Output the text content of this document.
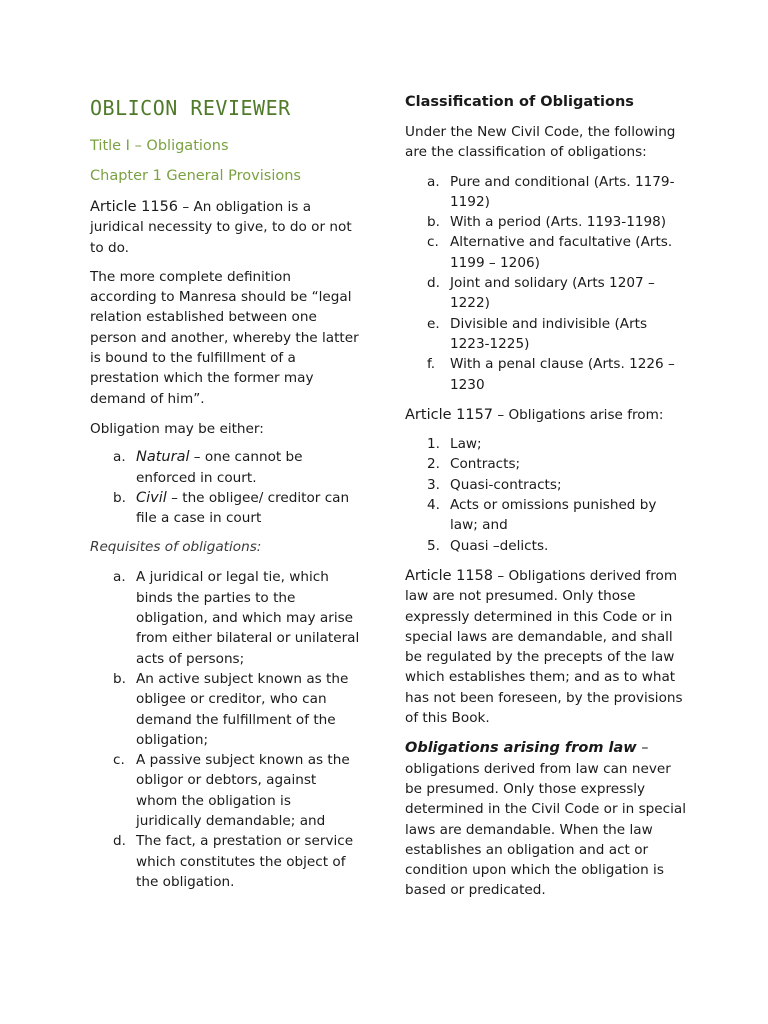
OBLICON REVIEWER

Title I – Obligations

Chapter 1 General Provisions

Article 1156 – An obligation is a juridical necessity to give, to do or not to do.

The more complete definition according to Manresa should be “legal relation established between one person and another, whereby the latter is bound to the fulfillment of a prestation which the former may demand of him”.

Obligation may be either:

a. Natural – one cannot be enforced in court.
b. Civil – the obligee/ creditor can file a case in court

Requisites of obligations:

a. A juridical or legal tie, which binds the parties to the obligation, and which may arise from either bilateral or unilateral acts of persons;
b. An active subject known as the obligee or creditor, who can demand the fulfillment of the obligation;
c. A passive subject known as the obligor or debtors, against whom the obligation is juridically demandable; and
d. The fact, a prestation or service which constitutes the object of the obligation.

Classification of Obligations

Under the New Civil Code, the following are the classification of obligations:

a. Pure and conditional (Arts. 1179-1192)
b. With a period (Arts. 1193-1198)
c. Alternative and facultative (Arts. 1199 – 1206)
d. Joint and solidary (Arts 1207 – 1222)
e. Divisible and indivisible (Arts 1223-1225)
f. With a penal clause (Arts. 1226 – 1230

Article 1157 – Obligations arise from:

1. Law;
2. Contracts;
3. Quasi-contracts;
4. Acts or omissions punished by law; and
5. Quasi –delicts.

Article 1158 – Obligations derived from law are not presumed. Only those expressly determined in this Code or in special laws are demandable, and shall be regulated by the precepts of the law which establishes them; and as to what has not been foreseen, by the provisions of this Book.

Obligations arising from law –
obligations derived from law can never be presumed. Only those expressly determined in the Civil Code or in special laws are demandable. When the law establishes an obligation and act or condition upon which the obligation is based or predicated.
